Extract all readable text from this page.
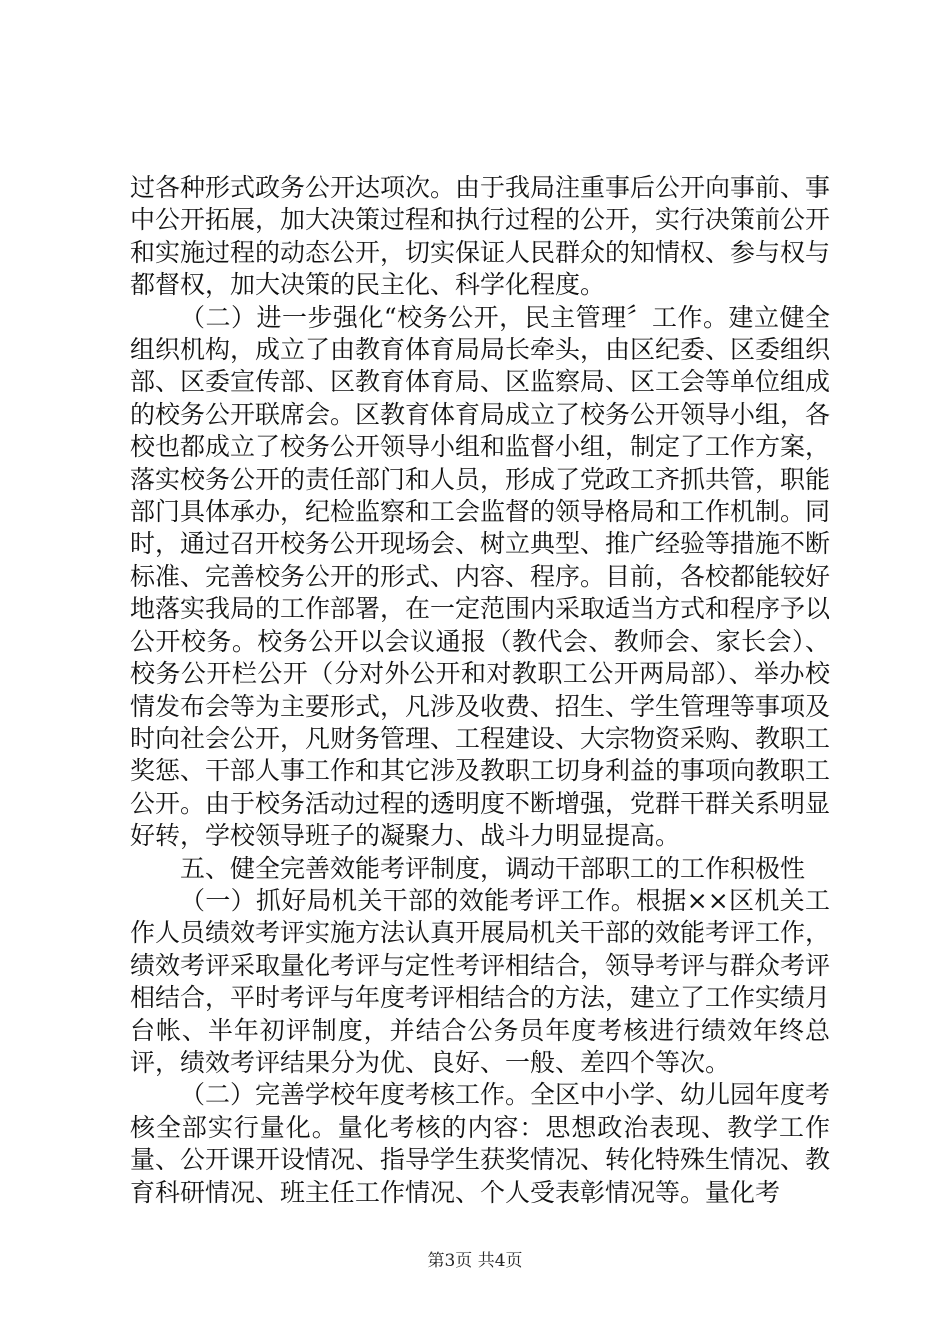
过各种形式政务公开达项次。由于我局注重事后公开向事前、事中公开拓展，加大决策过程和执行过程的公开，实行决策前公开和实施过程的动态公开，切实保证人民群众的知情权、参与权与都督权，加大决策的民主化、科学化程度。

（二）进一步强化“校务公开，民主管理〞工作。建立健全组织机构，成立了由教育体育局局长牵头，由区纪委、区委组织部、区委宣传部、区教育体育局、区监察局、区工会等单位组成的校务公开联席会。区教育体育局成立了校务公开领导小组，各校也都成立了校务公开领导小组和监督小组，制定了工作方案，落实校务公开的责任部门和人员，形成了党政工齐抓共管，职能部门具体承办，纪检监察和工会监督的领导格局和工作机制。同时，通过召开校务公开现场会、树立典型、推广经验等措施不断标准、完善校务公开的形式、内容、程序。目前，各校都能较好地落实我局的工作部署，在一定范围内采取适当方式和程序予以公开校务。校务公开以会议通报（教代会、教师会、家长会）、校务公开栏公开（分对外公开和对教职工公开两局部）、举办校情发布会等为主要形式，凡涉及收费、招生、学生管理等事项及时向社会公开，凡财务管理、工程建设、大宗物资采购、教职工奖惩、干部人事工作和其它涉及教职工切身利益的事项向教职工公开。由于校务活动过程的透明度不断增强，党群干群关系明显好转，学校领导班子的凝聚力、战斗力明显提高。

五、健全完善效能考评制度，调动干部职工的工作积极性

（一）抓好局机关干部的效能考评工作。根据××区机关工作人员绩效考评实施方法认真开展局机关干部的效能考评工作，绩效考评采取量化考评与定性考评相结合，领导考评与群众考评相结合，平时考评与年度考评相结合的方法，建立了工作实绩月台帐、半年初评制度，并结合公务员年度考核进行绩效年终总评，绩效考评结果分为优、良好、一般、差四个等次。

（二）完善学校年度考核工作。全区中小学、幼儿园年度考核全部实行量化。量化考核的内容：思想政治表现、教学工作量、公开课开设情况、指导学生获奖情况、转化特殊生情况、教育科研情况、班主任工作情况、个人受表彰情况等。量化考

第3页 共4页
